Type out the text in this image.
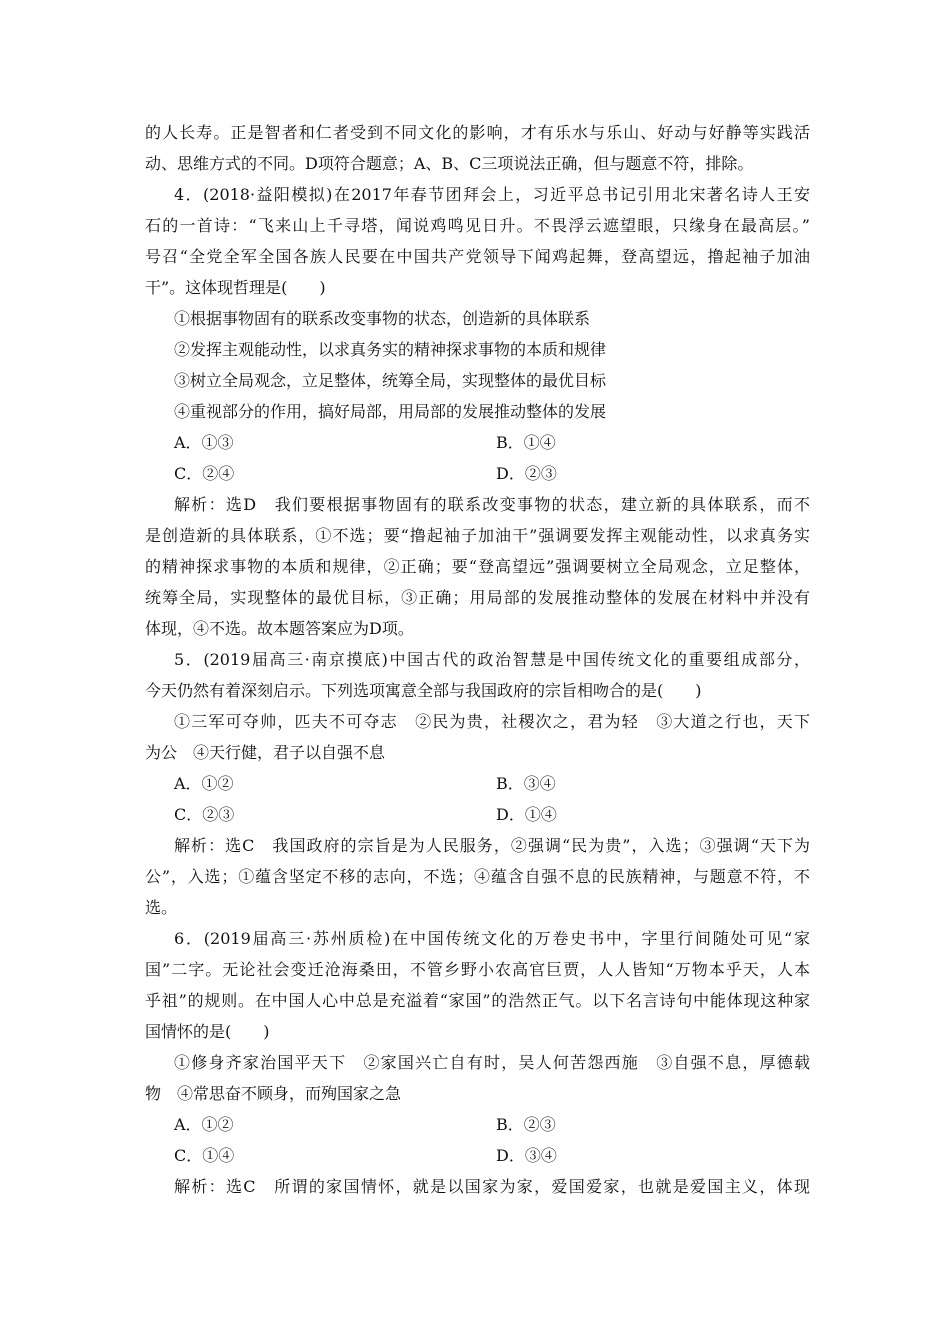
的人长寿。正是智者和仁者受到不同文化的影响，才有乐水与乐山、好动与好静等实践活
动、思维方式的不同。D项符合题意；A、B、C三项说法正确，但与题意不符，排除。
4．(2018·益阳模拟)在2017年春节团拜会上，习近平总书记引用北宋著名诗人王安
石的一首诗：“飞来山上千寻塔，闻说鸡鸣见日升。不畏浮云遮望眼，只缘身在最高层。”
号召“全党全军全国各族人民要在中国共产党领导下闻鸡起舞，登高望远，撸起袖子加油
干”。这体现哲理是(　　)
①根据事物固有的联系改变事物的状态，创造新的具体联系
②发挥主观能动性，以求真务实的精神探求事物的本质和规律
③树立全局观念，立足整体，统筹全局，实现整体的最优目标
④重视部分的作用，搞好局部，用局部的发展推动整体的发展
A．①③	B．①④
C．②④	D．②③
解析：选D　我们要根据事物固有的联系改变事物的状态，建立新的具体联系，而不
是创造新的具体联系，①不选；要“撸起袖子加油干”强调要发挥主观能动性，以求真务实
的精神探求事物的本质和规律，②正确；要“登高望远”强调要树立全局观念，立足整体，
统筹全局，实现整体的最优目标，③正确；用局部的发展推动整体的发展在材料中并没有
体现，④不选。故本题答案应为D项。
5．(2019届高三·南京摸底)中国古代的政治智慧是中国传统文化的重要组成部分，
今天仍然有着深刻启示。下列选项寓意全部与我国政府的宗旨相吻合的是(　　)
①三军可夺帅，匹夫不可夺志　②民为贵，社稷次之，君为轻　③大道之行也，天下
为公　④天行健，君子以自强不息
A．①②	B．③④
C．②③	D．①④
解析：选C　我国政府的宗旨是为人民服务，②强调“民为贵”，入选；③强调“天下为
公”，入选；①蕴含坚定不移的志向，不选；④蕴含自强不息的民族精神，与题意不符，不
选。
6．(2019届高三·苏州质检)在中国传统文化的万卷史书中，字里行间随处可见“家
国”二字。无论社会变迁沧海桑田，不管乡野小农高官巨贾，人人皆知“万物本乎天，人本
乎祖”的规则。在中国人心中总是充溢着“家国”的浩然正气。以下名言诗句中能体现这种家
国情怀的是(　　)
①修身齐家治国平天下　②家国兴亡自有时，吴人何苦怨西施　③自强不息，厚德载
物　④常思奋不顾身，而殉国家之急
A．①②	B．②③
C．①④	D．③④
解析：选C　所谓的家国情怀，就是以国家为家，爱国爱家，也就是爱国主义，体现
